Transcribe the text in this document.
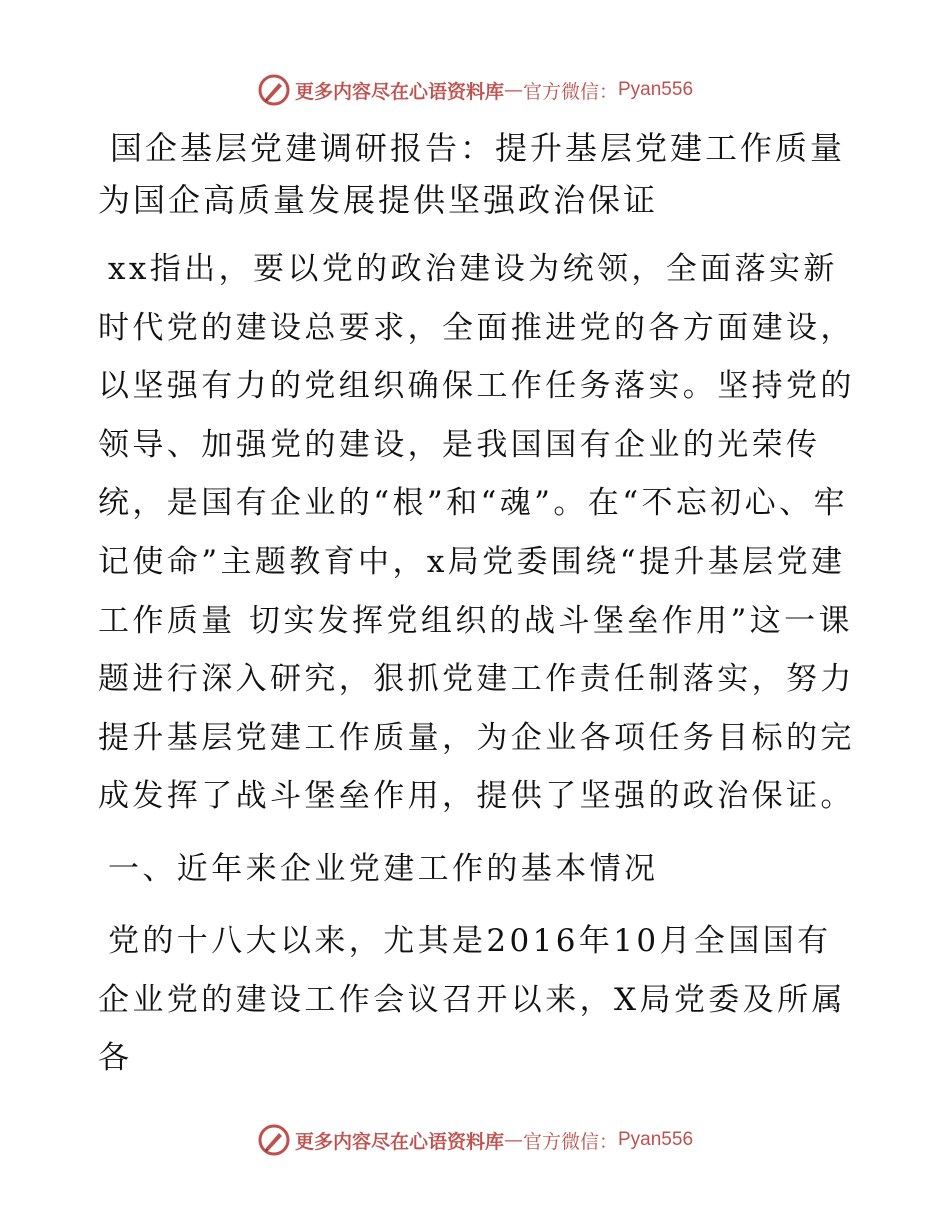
更多内容尽在心语资料库 — 官方微信： Pyan556
国企基层党建调研报告：提升基层党建工作质量为国企高质量发展提供坚强政治保证

xx指出，要以党的政治建设为统领，全面落实新时代党的建设总要求，全面推进党的各方面建设，以坚强有力的党组织确保工作任务落实。坚持党的领导、加强党的建设，是我国国有企业的光荣传统，是国有企业的“根”和“魂”。在“不忘初心、牢记使命”主题教育中，x局党委围绕“提升基层党建工作质量 切实发挥党组织的战斗堡垒作用”这一课题进行深入研究，狠抓党建工作责任制落实，努力提升基层党建工作质量，为企业各项任务目标的完成发挥了战斗堡垒作用，提供了坚强的政治保证。

一、近年来企业党建工作的基本情况

党的十八大以来，尤其是2016年10月全国国有企业党的建设工作会议召开以来，X局党委及所属各

更多内容尽在心语资料库 — 官方微信： Pyan556
